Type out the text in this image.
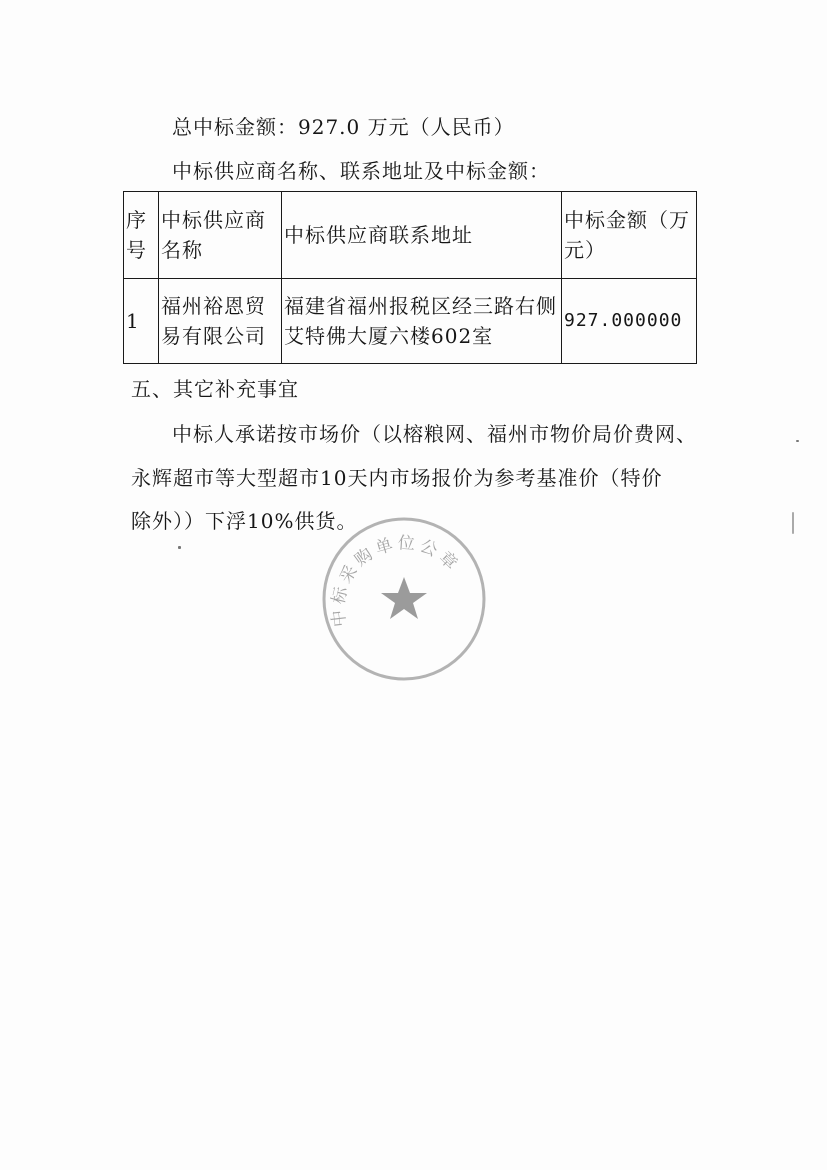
总中标金额：927.0 万元（人民币）
中标供应商名称、联系地址及中标金额：
序号	中标供应商名称	中标供应商联系地址	中标金额（万元）
1	福州裕恩贸易有限公司	福建省福州报税区经三路右侧艾特佛大厦六楼602室	927.000000
五、其它补充事宜
中标人承诺按市场价（以榕粮网、福州市物价局价费网、
永辉超市等大型超市10天内市场报价为参考基准价（特价
除外））下浮10%供货。
中标采购单位公章
